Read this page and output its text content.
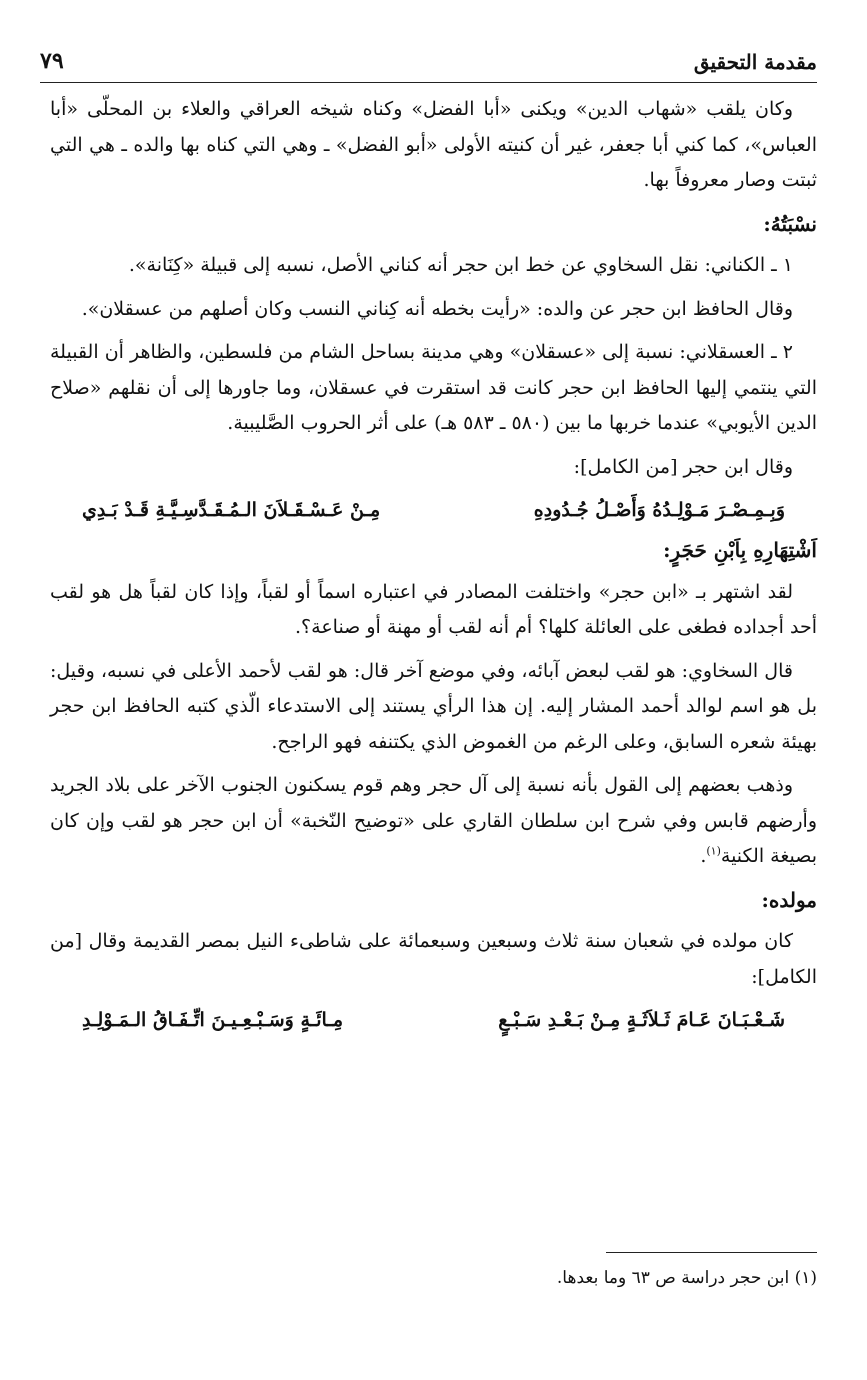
مقدمة التحقيق
٧٩

وكان يلقب «شهاب الدين» ويكنى «أبا الفضل» وكناه شيخه العراقي والعلاء بن المحلّى «أبا العباس»، كما كني أبا جعفر، غير أن كنيته الأولى «أبو الفضل» ـ وهي التي كناه بها والده ـ هي التي ثبتت وصار معروفاً بها.

نسْبَتُهُ:

١ ـ الكناني: نقل السخاوي عن خط ابن حجر أنه كناني الأصل، نسبه إلى قبيلة «كِنَانة».

وقال الحافظ ابن حجر عن والده: «رأيت بخطه أنه كِناني النسب وكان أصلهم من عسقلان».

٢ ـ العسقلاني: نسبة إلى «عسقلان» وهي مدينة بساحل الشام من فلسطين، والظاهر أن القبيلة التي ينتمي إليها الحافظ ابن حجر كانت قد استقرت في عسقلان، وما جاورها إلى أن نقلهم «صلاح الدين الأيوبي» عندما خربها ما بين (٥٨٠ ـ ٥٨٣ هـ) على أثر الحروب الصَّليبية.

وقال ابن حجر [من الكامل]:

وَبِـمِـصْـرَ مَـوْلِـدُهُ وَأَصْـلُ جُـدُودِهِ
مِـنْ عَـسْـقَـلاَنَ الـمُـقَـدَّسِـيَّـةِ قَـدْ بَـدِي
اَشْتِهَارِهِ بِاَبْنِ حَجَرٍ:

لقد اشتهر بـ «ابن حجر» واختلفت المصادر في اعتباره اسماً أو لقباً، وإذا كان لقباً هل هو لقب أحد أجداده فطغى على العائلة كلها؟ أم أنه لقب أو مهنة أو صناعة؟.

قال السخاوي: هو لقب لبعض آبائه، وفي موضع آخر قال: هو لقب لأحمد الأعلى في نسبه، وقيل: بل هو اسم لوالد أحمد المشار إليه. إن هذا الرأي يستند إلى الاستدعاء الّذي كتبه الحافظ ابن حجر بهيئة شعره السابق، وعلى الرغم من الغموض الذي يكتنفه فهو الراجح.

وذهب بعضهم إلى القول بأنه نسبة إلى آل حجر وهم قوم يسكنون الجنوب الآخر على بلاد الجريد وأرضهم قابس وفي شرح ابن سلطان القاري على «توضيح النّخبة» أن ابن حجر هو لقب وإن كان بصيغة الكنية$^{(١)}$.

مولده:

كان مولده في شعبان سنة ثلاث وسبعين وسبعمائة على شاطىء النيل بمصر القديمة وقال [من الكامل]:

شَـعْـبَـانَ عَـامَ ثَـلاَثَـةٍ مِـنْ بَـعْـدِ سَـبْـعٍ
مِـائَـةٍ وَسَـبْـعِـيـنَ اتِّـفَـاقُ الـمَـوْلِـدِ
(١) ابن حجر دراسة ص ٦٣ وما بعدها.
